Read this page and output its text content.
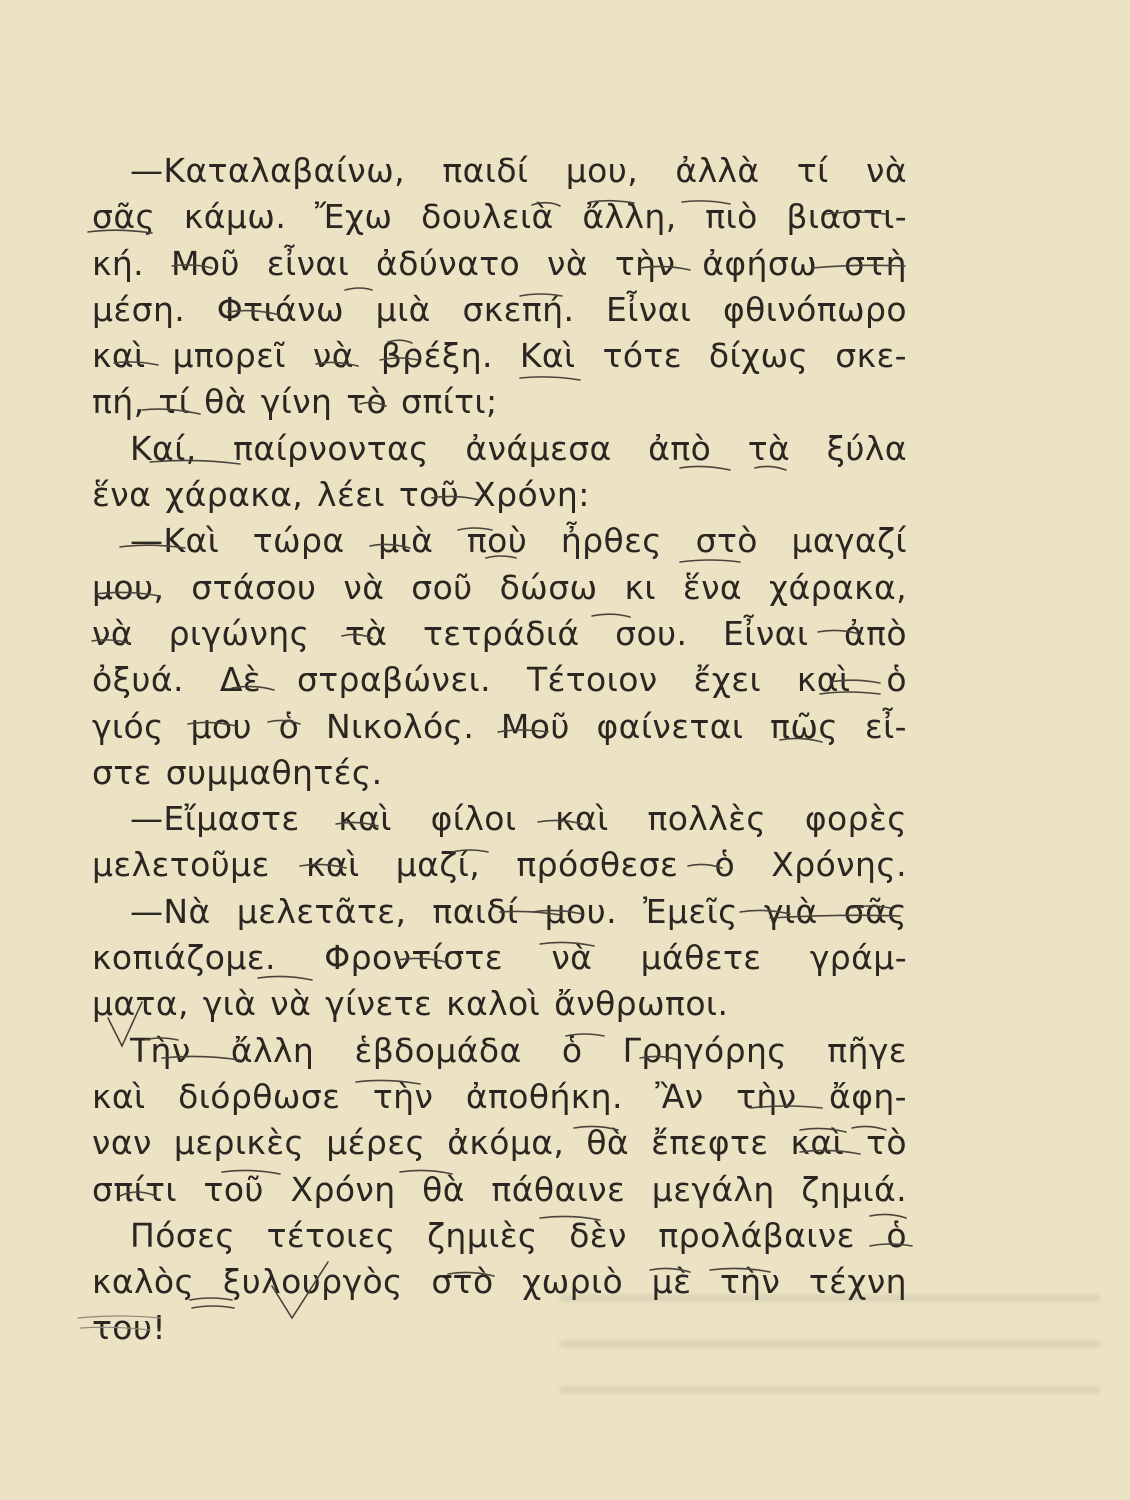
—Καταλαβαίνω, παιδί μου, ἀλλὰ τί νὰ
σᾶς κάμω. Ἔχω δουλειὰ ἄλλη, πιὸ βιαστι-
κή. Μοῦ εἶναι ἀδύνατο νὰ τὴν ἀφήσω στὴ
μέση. Φτιάνω μιὰ σκεπή. Εἶναι φθινόπωρο
καὶ μπορεῖ νὰ βρέξη. Καὶ τότε δίχως σκε-
πή, τί θὰ γίνη τὸ σπίτι;
Καί, παίρνοντας ἀνάμεσα ἀπὸ τὰ ξύλα
ἕνα χάρακα, λέει τοῦ Χρόνη:
—Καὶ τώρα μιὰ ποὺ ἦρθες στὸ μαγαζί
μου, στάσου νὰ σοῦ δώσω κι ἕνα χάρακα,
νὰ ριγώνης τὰ τετράδιά σου. Εἶναι ἀπὸ
ὀξυά. Δὲ στραβώνει. Τέτοιον ἔχει καὶ ὁ
γιός μου ὁ Νικολός. Μοῦ φαίνεται πῶς εἶ-
στε συμμαθητές.
—Εἴμαστε καὶ φίλοι καὶ πολλὲς φορὲς
μελετοῦμε καὶ μαζί, πρόσθεσε ὁ Χρόνης.
—Νὰ μελετᾶτε, παιδί μου. Ἐμεῖς γιὰ σᾶς
κοπιάζομε. Φροντίστε νὰ μάθετε γράμ-
ματα, γιὰ νὰ γίνετε καλοὶ ἄνθρωποι.
Τὴν ἄλλη ἑβδομάδα ὁ Γρηγόρης πῆγε
καὶ διόρθωσε τὴν ἀποθήκη. Ἂν τὴν ἄφη-
ναν μερικὲς μέρες ἀκόμα, θὰ ἔπεφτε καὶ τὸ
σπίτι τοῦ Χρόνη θὰ πάθαινε μεγάλη ζημιά.
Πόσες τέτοιες ζημιὲς δὲν προλάβαινε ὁ
καλὸς ξυλουργὸς στὸ χωριὸ μὲ τὴν τέχνη
του!
